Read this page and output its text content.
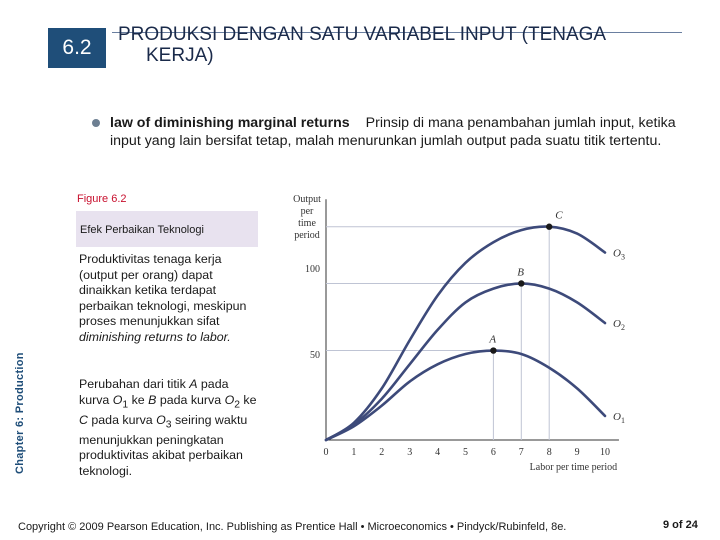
6.2
PRODUKSI DENGAN SATU VARIABEL INPUT (TENAGA
KERJA)
law of diminishing marginal returns Prinsip di mana penambahan jumlah input, ketika input yang lain bersifat tetap, malah menurunkan jumlah output pada suatu titik tertentu.
Figure 6.2
Efek Perbaikan Teknologi
Produktivitas tenaga kerja (output per orang) dapat dinaikkan ketika terdapat perbaikan teknologi, meskipun proses menunjukkan sifat diminishing returns to labor.
Perubahan dari titik A pada kurva $O_1$ ke B pada kurva $O_2$ ke C pada kurva $O_3$ seiring waktu menunjukkan peningkatan produktivitas akibat perbaikan teknologi.
50
100
0 1 2 3 4 5 6 7 8 9 10
Output
per
time
period
Labor per time period
$O_1$
$O_2$
$O_3$
A
B
C
Chapter 6: Production
Copyright © 2009 Pearson Education, Inc. Publishing as Prentice Hall • Microeconomics • Pindyck/Rubinfeld, 8e.	9 of 24
